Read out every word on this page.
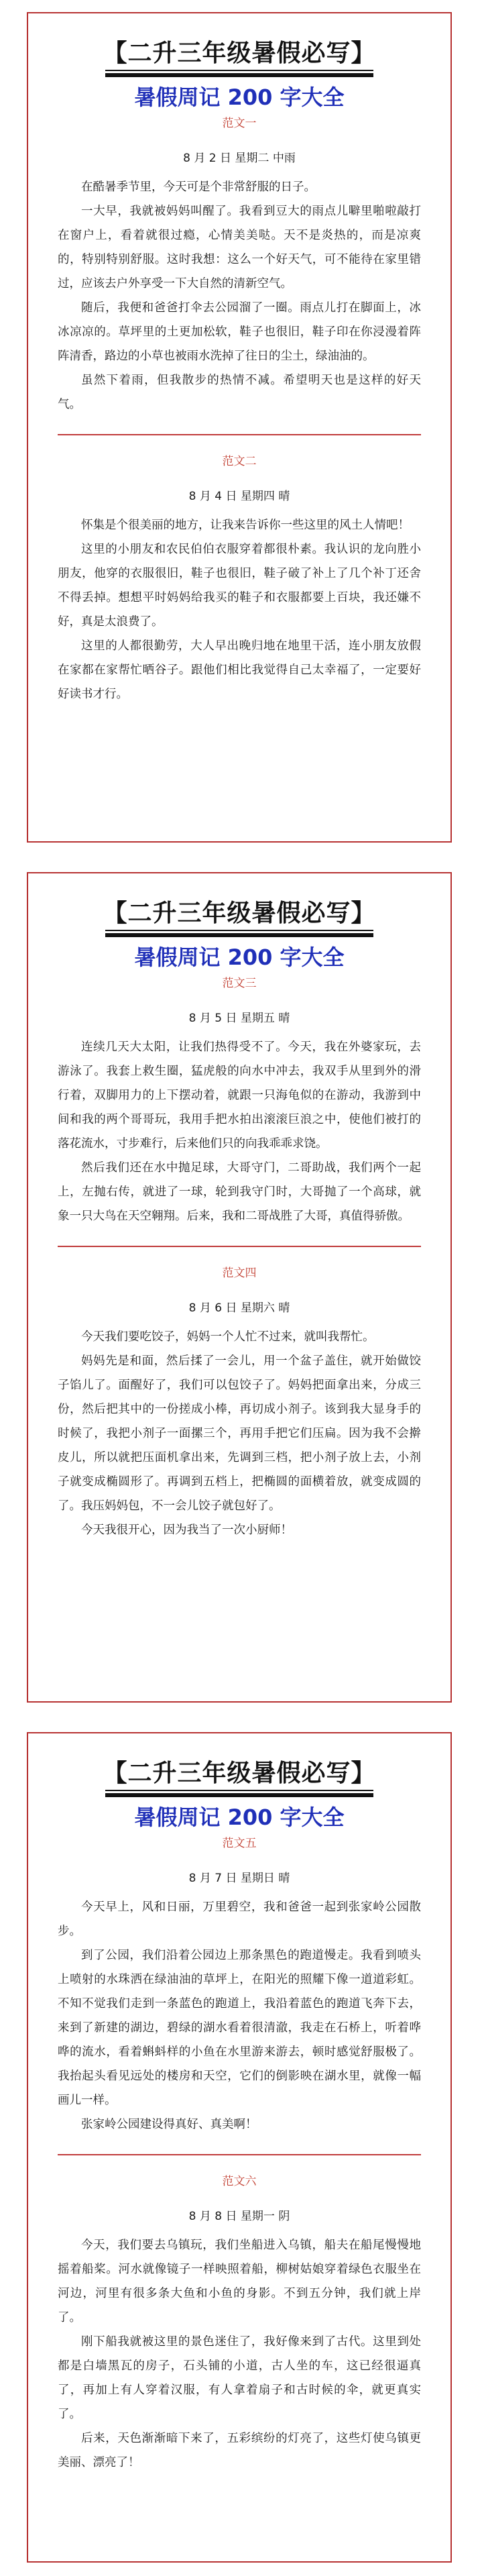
【二升三年级暑假必写】
暑假周记 200 字大全
范文一
8 月 2 日 星期二 中雨

在酷暑季节里，今天可是个非常舒服的日子。

一大早，我就被妈妈叫醒了。我看到豆大的雨点儿噼里啪啦敲打在窗户上，看着就很过瘾，心情美美哒。天不是炎热的，而是凉爽的，特别特别舒服。这时我想：这么一个好天气，可不能待在家里错过，应该去户外享受一下大自然的清新空气。

随后，我便和爸爸打伞去公园溜了一圈。雨点儿打在脚面上，冰冰凉凉的。草坪里的土更加松软，鞋子也很旧，鞋子印在你浸漫着阵阵清香，路边的小草也被雨水洗掉了往日的尘土，绿油油的。

虽然下着雨，但我散步的热情不减。希望明天也是这样的好天气。

范文二
8 月 4 日 星期四 晴

怀集是个很美丽的地方，让我来告诉你一些这里的风土人情吧！

这里的小朋友和农民伯伯衣服穿着都很朴素。我认识的龙向胜小朋友，他穿的衣服很旧，鞋子也很旧，鞋子破了补上了几个补丁还舍不得丢掉。想想平时妈妈给我买的鞋子和衣服都要上百块，我还嫌不好，真是太浪费了。

这里的人都很勤劳，大人早出晚归地在地里干活，连小朋友放假在家都在家帮忙晒谷子。跟他们相比我觉得自己太幸福了，一定要好好读书才行。

【二升三年级暑假必写】
暑假周记 200 字大全
范文三
8 月 5 日 星期五 晴

连续几天大太阳，让我们热得受不了。今天，我在外婆家玩，去游泳了。我套上救生圈，猛虎般的向水中冲去，我双手从里到外的滑行着，双脚用力的上下摆动着，就跟一只海龟似的在游动，我游到中间和我的两个哥哥玩，我用手把水拍出滚滚巨浪之中，使他们被打的落花流水，寸步难行，后来他们只的向我乖乖求饶。

然后我们还在水中抛足球，大哥守门，二哥助战，我们两个一起上，左抛右传，就进了一球，轮到我守门时，大哥抛了一个高球，就象一只大鸟在天空翱翔。后来，我和二哥战胜了大哥，真值得骄傲。

范文四
8 月 6 日 星期六 晴

今天我们要吃饺子，妈妈一个人忙不过来，就叫我帮忙。

妈妈先是和面，然后揉了一会儿，用一个盆子盖住，就开始做饺子馅儿了。面醒好了，我们可以包饺子了。妈妈把面拿出来，分成三份，然后把其中的一份搓成小棒，再切成小剂子。该到我大显身手的时候了，我把小剂子一面摞三个，再用手把它们压扁。因为我不会擀皮儿，所以就把压面机拿出来，先调到三档，把小剂子放上去，小剂子就变成椭圆形了。再调到五档上，把椭圆的面横着放，就变成圆的了。我压妈妈包，不一会儿饺子就包好了。

今天我很开心，因为我当了一次小厨师！

【二升三年级暑假必写】
暑假周记 200 字大全
范文五
8 月 7 日 星期日 晴

今天早上，风和日丽，万里碧空，我和爸爸一起到张家岭公园散步。

到了公园，我们沿着公园边上那条黑色的跑道慢走。我看到喷头上喷射的水珠洒在绿油油的草坪上，在阳光的照耀下像一道道彩虹。不知不觉我们走到一条蓝色的跑道上，我沿着蓝色的跑道飞奔下去，来到了新建的湖边，碧绿的湖水看着很清澈，我走在石桥上，听着哗哗的流水，看着蝌蚪样的小鱼在水里游来游去，顿时感觉舒服极了。我抬起头看见远处的楼房和天空，它们的倒影映在湖水里，就像一幅画儿一样。

张家岭公园建设得真好、真美啊！

范文六
8 月 8 日 星期一 阴

今天，我们要去乌镇玩，我们坐船进入乌镇，船夫在船尾慢慢地摇着船桨。河水就像镜子一样映照着船，柳树姑娘穿着绿色衣服坐在河边，河里有很多条大鱼和小鱼的身影。不到五分钟，我们就上岸了。

刚下船我就被这里的景色迷住了，我好像来到了古代。这里到处都是白墙黑瓦的房子，石头铺的小道，古人坐的车，这已经很逼真了，再加上有人穿着汉服，有人拿着扇子和古时候的伞，就更真实了。

后来，天色渐渐暗下来了，五彩缤纷的灯亮了，这些灯使乌镇更美丽、漂亮了！
